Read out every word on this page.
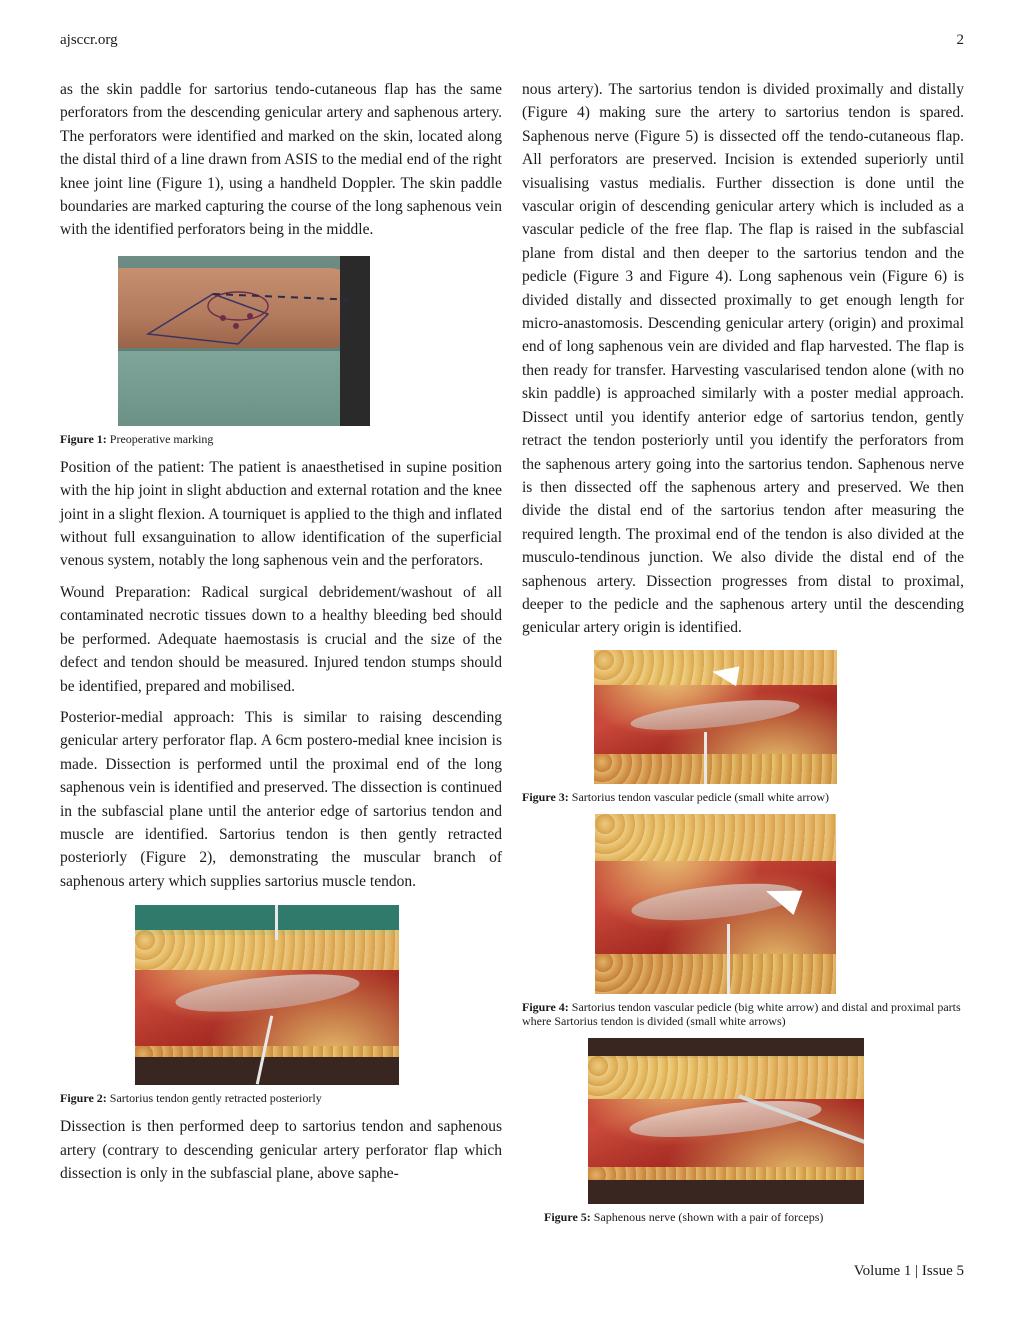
ajsccr.org	2

as the skin paddle for sartorius tendo-cutaneous flap has the same perforators from the descending genicular artery and saphenous artery. The perforators were identified and marked on the skin, located along the distal third of a line drawn from ASIS to the medial end of the right knee joint line (Figure 1), using a handheld Doppler. The skin paddle boundaries are marked capturing the course of the long saphenous vein with the identified perforators being in the middle.

Figure 1: Preoperative marking

Position of the patient: The patient is anaesthetised in supine position with the hip joint in slight abduction and external rotation and the knee joint in a slight flexion. A tourniquet is applied to the thigh and inflated without full exsanguination to allow identification of the superficial venous system, notably the long saphenous vein and the perforators.

Wound Preparation: Radical surgical debridement/washout of all contaminated necrotic tissues down to a healthy bleeding bed should be performed. Adequate haemostasis is crucial and the size of the defect and tendon should be measured. Injured tendon stumps should be identified, prepared and mobilised.

Posterior-medial approach: This is similar to raising descending genicular artery perforator flap. A 6cm postero-medial knee incision is made. Dissection is performed until the proximal end of the long saphenous vein is identified and preserved. The dissection is continued in the subfascial plane until the anterior edge of sartorius tendon and muscle are identified. Sartorius tendon is then gently retracted posteriorly (Figure 2), demonstrating the muscular branch of saphenous artery which supplies sartorius muscle tendon.

Figure 2: Sartorius tendon gently retracted posteriorly

Dissection is then performed deep to sartorius tendon and saphenous artery (contrary to descending genicular artery perforator flap which dissection is only in the subfascial plane, above saphe-

nous artery). The sartorius tendon is divided proximally and distally (Figure 4) making sure the artery to sartorius tendon is spared. Saphenous nerve (Figure 5) is dissected off the tendo-cutaneous flap. All perforators are preserved. Incision is extended superiorly until visualising vastus medialis. Further dissection is done until the vascular origin of descending genicular artery which is included as a vascular pedicle of the free flap. The flap is raised in the subfascial plane from distal and then deeper to the sartorius tendon and the pedicle (Figure 3 and Figure 4). Long saphenous vein (Figure 6) is divided distally and dissected proximally to get enough length for micro-anastomosis. Descending genicular artery (origin) and proximal end of long saphenous vein are divided and flap harvested. The flap is then ready for transfer. Harvesting vascularised tendon alone (with no skin paddle) is approached similarly with a poster medial approach. Dissect until you identify anterior edge of sartorius tendon, gently retract the tendon posteriorly until you identify the perforators from the saphenous artery going into the sartorius tendon. Saphenous nerve is then dissected off the saphenous artery and preserved. We then divide the distal end of the sartorius tendon after measuring the required length. The proximal end of the tendon is also divided at the musculo-tendinous junction. We also divide the distal end of the saphenous artery. Dissection progresses from distal to proximal, deeper to the pedicle and the saphenous artery until the descending genicular artery origin is identified.

Figure 3: Sartorius tendon vascular pedicle (small white arrow)
Figure 4: Sartorius tendon vascular pedicle (big white arrow) and distal and proximal parts where Sartorius tendon is divided (small white arrows)
Figure 5: Saphenous nerve (shown with a pair of forceps)
Volume 1 | Issue 5
